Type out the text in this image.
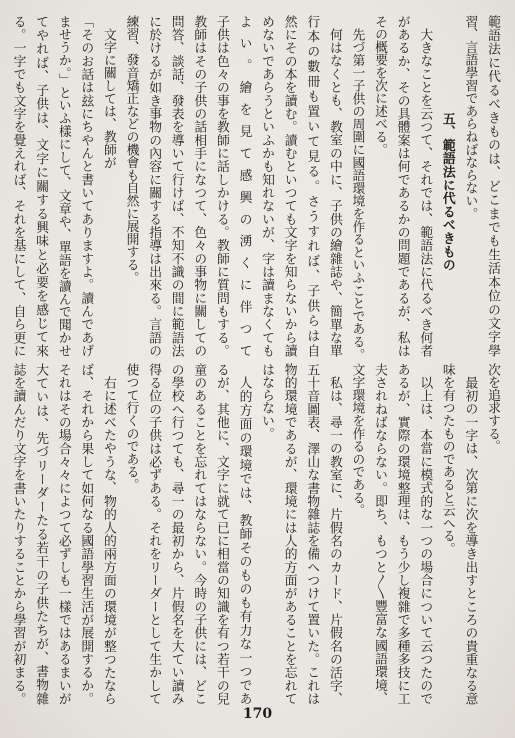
範語法に代るべきものは、どこまでも生活本位の文字學
習、言語學習であらねばならない。
五、範語法に代るべきもの
大きなことを云つて、それでは、範語法に代るべき何者
があるか、その具體案は何であるかの問題であるが、私は
その概要を次に述べる。
先づ第一子供の周圍に國語環境を作るといふことである。
何はなくとも、教室の中に、子供の繪雜誌や、簡單な單
行本の數冊も置いて見る。さうすれば、子供らは自
然にその本を讀む。讀むといつても文字を知らないから讀
めないであらうといふかも知れないが、字は讀まなくても
よい。繪を見て感興の湧くに伴つて
子供は色々の事を教師に話しかける。教師に質問もする。
教師はその子供の話相手になつて、色々の事物に關しての
問答、談話、發表を導いて行けば、不知不識の間に範語法
に於けるが如き事物の內容に關する指導は出來る。言語の
練習、發音矯正などの機會も自然に展開する。
文字に關しては、教師が
「そのお話は玆にちやんと書いてありますよ。讀んであげ
ませうか。」といふ樣にして、文章や、單語を讀んで聞かせ
てやれば、子供は、文字に關する興味と必要を感じて來
る。一字でも文字を覺えれば、それを基にして、自ら更に
次を追求する。
最初の一字は、次第に次を導き出すところの貴重なる意
味を有つたものであると云へる。
以上は、本當に模式的な一つの場合について云つたので
あるが、實際の環境整理は、もう少し複雜で多種多技に工
夫されねばならない。即ち、もつと〳〵豐富な國語環境、
文字環境を作るのである。
私は、尋一の教室に、片假名のカード、片假名の活字、
五十音圖表、澤山な書物雜誌を備へつけて置いた。これは
物的環境であるが、環境には人的方面があることを忘れて
はならない。
人的方面の環境では、教師そのものも有力な一つであ
るが、其他に、文字に就て已に相當の知識を有つ若干の兒
童のあることを忘れてはならない。今時の子供には、どこ
の學校へ行つても、尋一の最初から、片假名を大てい讀み
得る位の子供は必ずある。それをリーダーとして生かして
使つて行くのである。
右に述べたやうな、物的人的兩方面の環境が整つたなら
ば、それから果して如何なる國語學習生活が展開するか。
それはその場合々々によつて必ずしも一樣ではあるまいが
大ていは、先づリーダーたる若干の子供たちが、書物雜
誌を讀んだり文字を書いたりすることから學習が初まる。
170
